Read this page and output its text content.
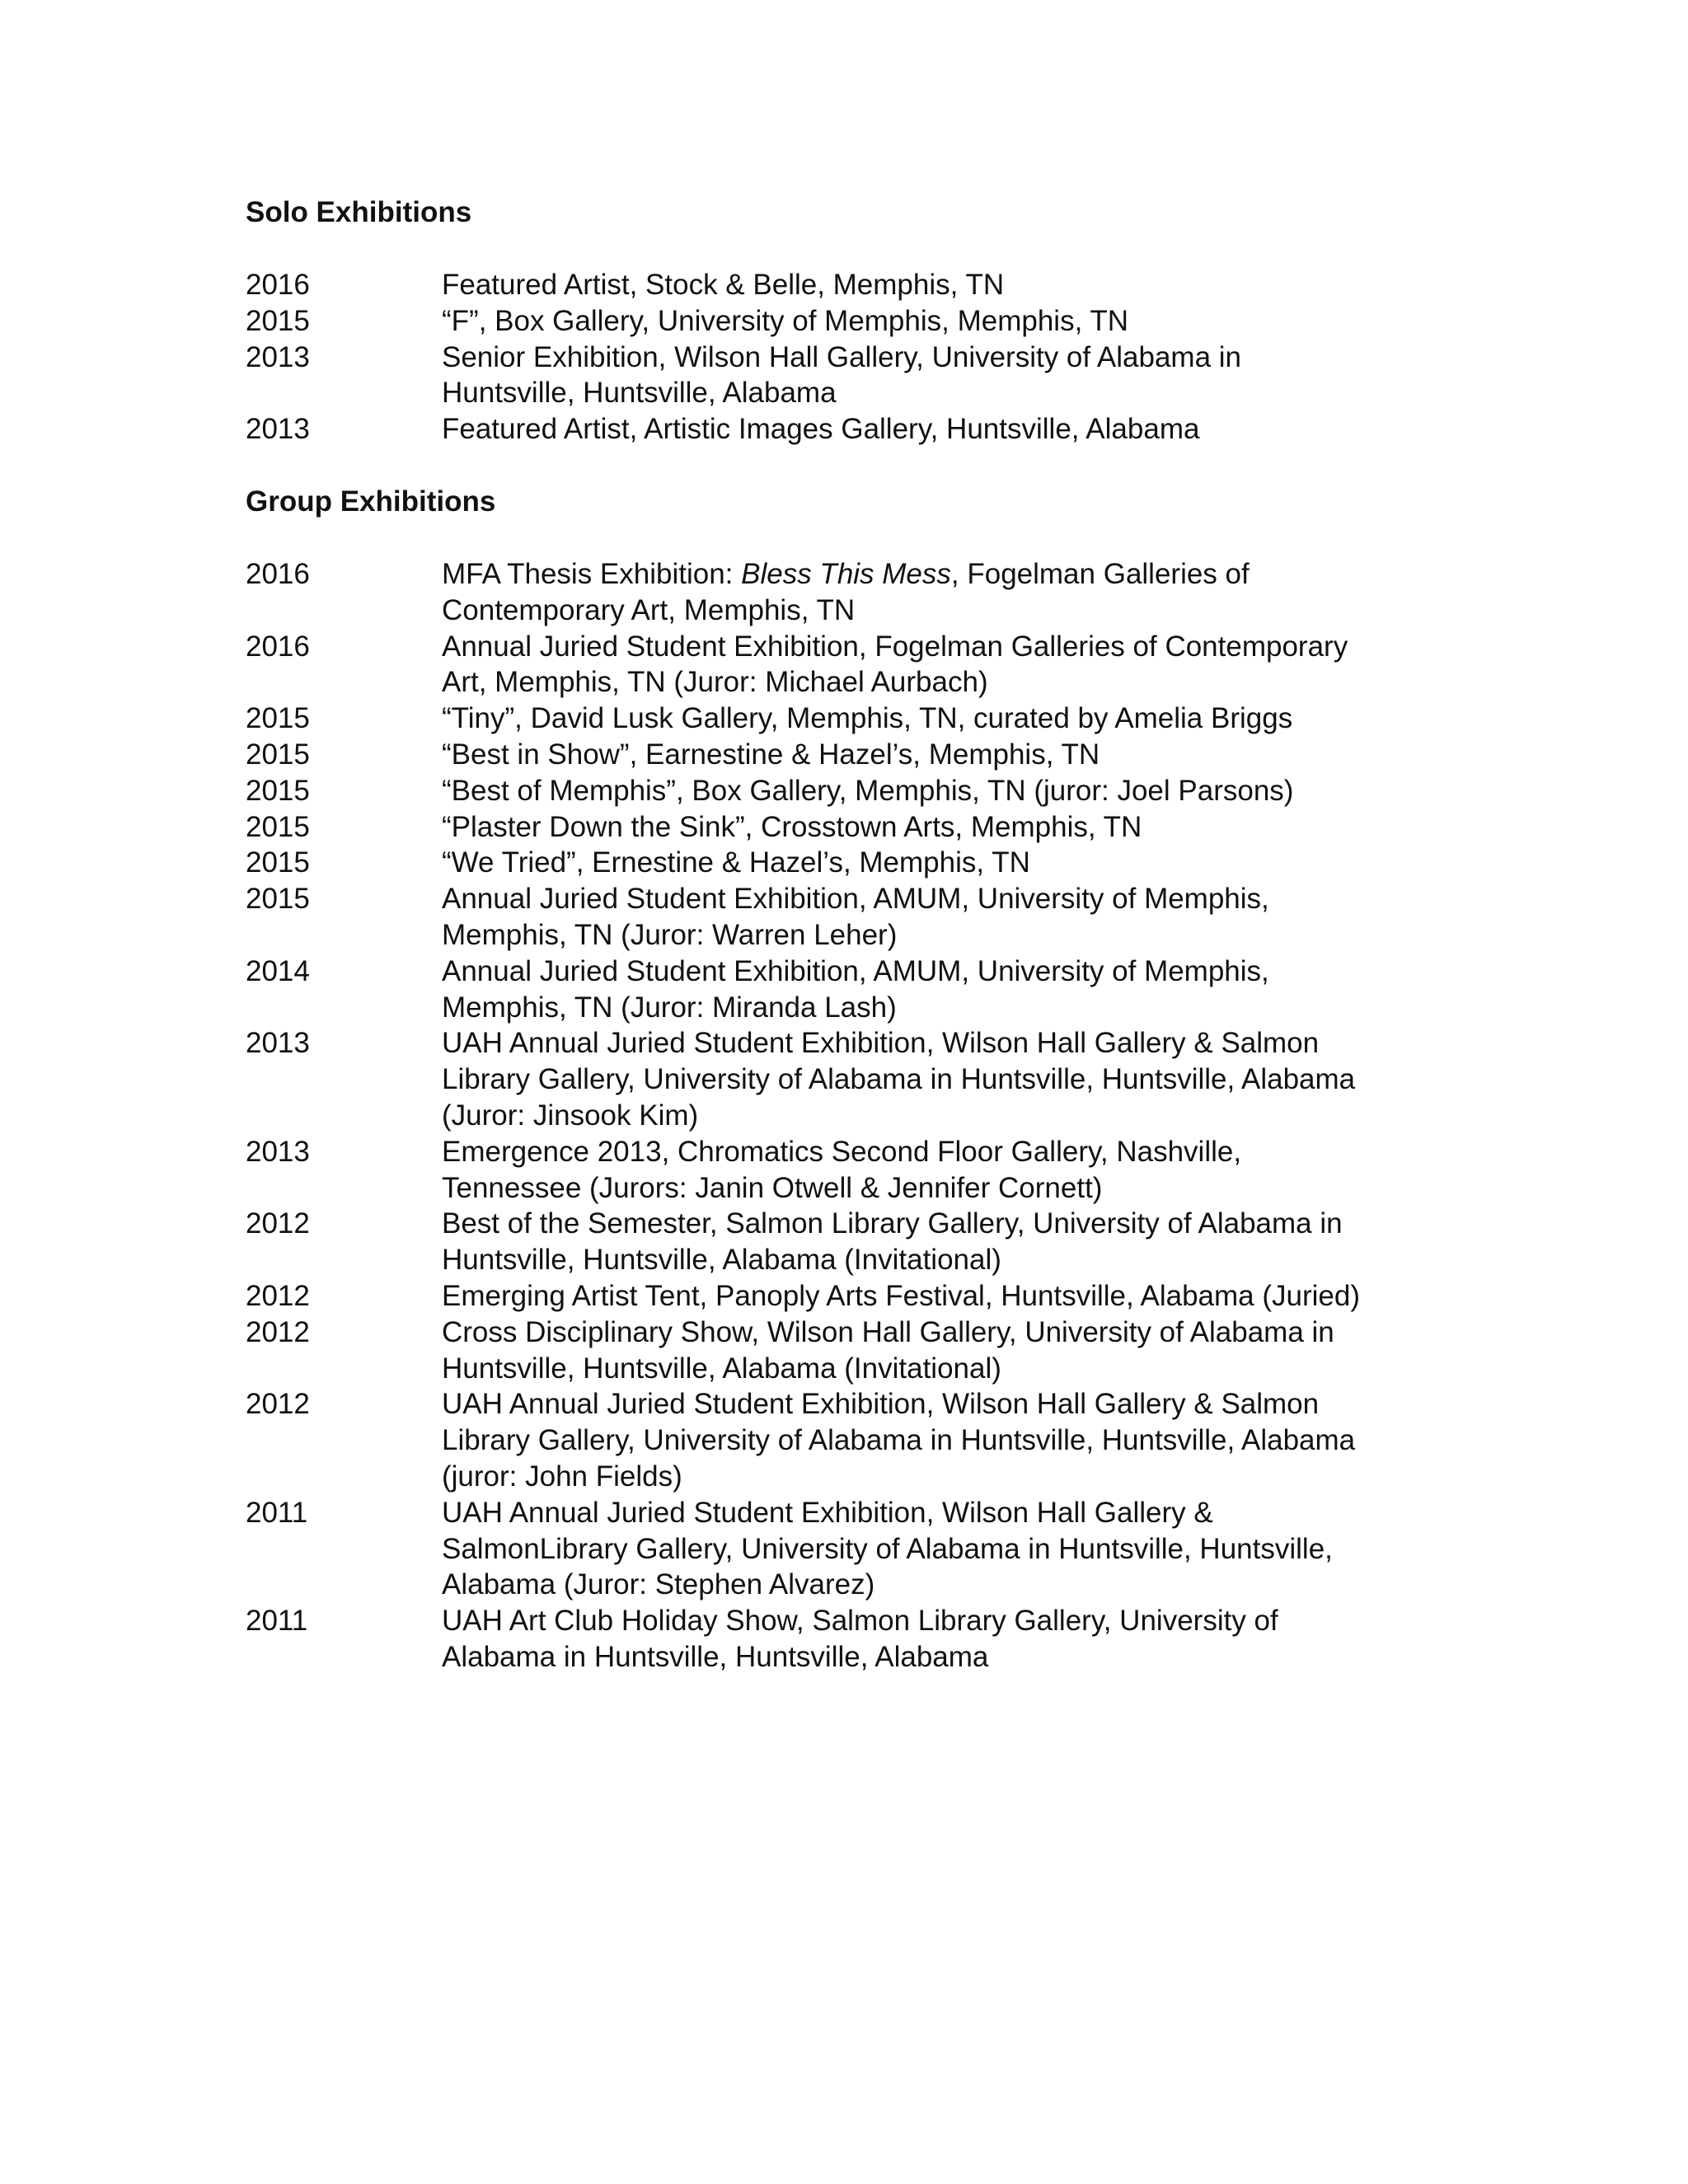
Solo Exhibitions
2016	Featured Artist, Stock & Belle, Memphis, TN
2015	“F”, Box Gallery, University of Memphis, Memphis, TN
2013	Senior Exhibition, Wilson Hall Gallery, University of Alabama in
Huntsville, Huntsville, Alabama
2013	Featured Artist, Artistic Images Gallery, Huntsville, Alabama
Group Exhibitions
2016	MFA Thesis Exhibition: Bless This Mess, Fogelman Galleries of
Contemporary Art, Memphis, TN
2016	Annual Juried Student Exhibition, Fogelman Galleries of Contemporary
Art, Memphis, TN (Juror: Michael Aurbach)
2015	“Tiny”, David Lusk Gallery, Memphis, TN, curated by Amelia Briggs
2015	“Best in Show”, Earnestine & Hazel’s, Memphis, TN
2015	“Best of Memphis”, Box Gallery, Memphis, TN (juror: Joel Parsons)
2015	“Plaster Down the Sink”, Crosstown Arts, Memphis, TN
2015	“We Tried”, Ernestine & Hazel’s, Memphis, TN
2015	Annual Juried Student Exhibition, AMUM, University of Memphis,
Memphis, TN (Juror: Warren Leher)
2014	Annual Juried Student Exhibition, AMUM, University of Memphis,
Memphis, TN (Juror: Miranda Lash)
2013	UAH Annual Juried Student Exhibition, Wilson Hall Gallery & Salmon
Library Gallery, University of Alabama in Huntsville, Huntsville, Alabama
(Juror: Jinsook Kim)
2013	Emergence 2013, Chromatics Second Floor Gallery, Nashville,
Tennessee (Jurors: Janin Otwell & Jennifer Cornett)
2012	Best of the Semester, Salmon Library Gallery, University of Alabama in
Huntsville, Huntsville, Alabama (Invitational)
2012	Emerging Artist Tent, Panoply Arts Festival, Huntsville, Alabama (Juried)
2012	Cross Disciplinary Show, Wilson Hall Gallery, University of Alabama in
Huntsville, Huntsville, Alabama (Invitational)
2012	UAH Annual Juried Student Exhibition, Wilson Hall Gallery & Salmon
Library Gallery, University of Alabama in Huntsville, Huntsville, Alabama
(juror: John Fields)
2011	UAH Annual Juried Student Exhibition, Wilson Hall Gallery &
SalmonLibrary Gallery, University of Alabama in Huntsville, Huntsville,
Alabama (Juror: Stephen Alvarez)
2011	UAH Art Club Holiday Show, Salmon Library Gallery, University of
Alabama in Huntsville, Huntsville, Alabama
